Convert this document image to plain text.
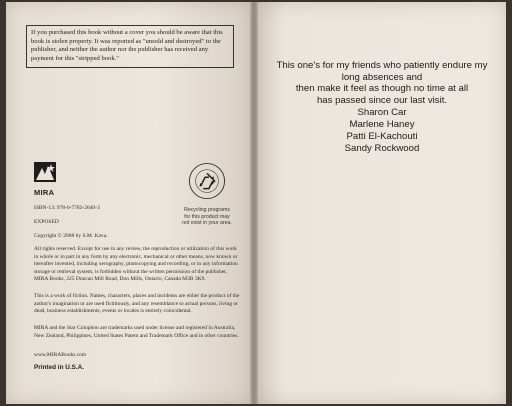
If you purchased this book without a cover you should be aware that this book is stolen property. It was reported as "unsold and destroyed" to the publisher, and neither the author nor the publisher has received any payment for this "stripped book."
MIRA
Recycling programs
for this product may
not exist in your area.
ISBN-13: 978-0-7783-2640-3
EXPOSED
Copyright © 2008 by S.M. Kava.
All rights reserved. Except for use in any review, the reproduction or utilization of this work in whole or in part in any form by any electronic, mechanical or other means, now known or hereafter invented, including xerography, photocopying and recording, or in any information storage or retrieval system, is forbidden without the written permission of the publisher, MIRA Books, 225 Duncan Mill Road, Don Mills, Ontario, Canada M3B 3K9.
This is a work of fiction. Names, characters, places and incidents are either the product of the author's imagination or are used fictitiously, and any resemblance to actual persons, living or dead, business establishments, events or locales is entirely coincidental.
MIRA and the Star Colophon are trademarks used under license and registered in Australia, New Zealand, Philippines, United States Patent and Trademark Office and in other countries.
www.MIRABooks.com
Printed in U.S.A.
This one's for my friends who patiently endure my
long absences and
then make it feel as though no time at all
has passed since our last visit.
Sharon Car
Marlene Haney
Patti El-Kachouti
Sandy Rockwood
